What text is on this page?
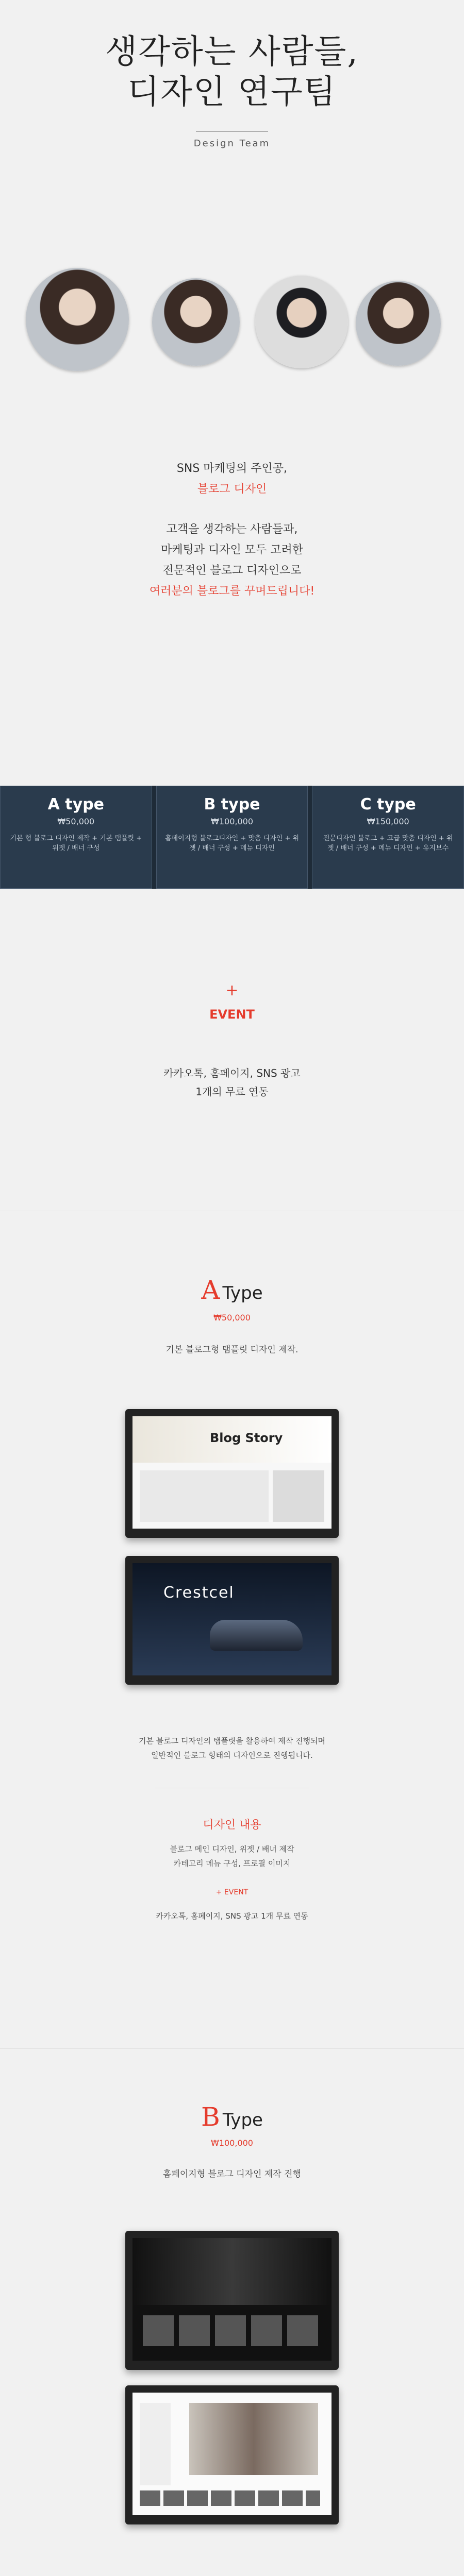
생각하는 사람들,
디자인 연구팀
Design Team
SNS 마케팅의 주인공,
블로그 디자인
고객을 생각하는 사람들과,
마케팅과 디자인 모두 고려한
전문적인 블로그 디자인으로
여러분의 블로그를 꾸며드립니다!
A type
₩50,000
기본 형 블로그 디자인 제작 + 기본 탬플릿 + 위젯 / 배너 구성
B type
₩100,000
홈페이지형 블로그디자인 + 맞춤 디자인 + 위젯 / 배너 구성 + 메뉴 디자인
C type
₩150,000
전문디자인 블로그 + 고급 맞춤 디자인 + 위젯 / 배너 구성 + 메뉴 디자인 + 유지보수
+
EVENT
카카오톡, 홈페이지, SNS 광고
1개의 무료 연동
A Type
₩50,000
기본 블로그형 탬플릿 디자인 제작.
Blog Story
Crestcel
기본 블로그 디자인의 탬플릿을 활용하여 제작 진행되며
일반적인 블로그 형태의 디자인으로 진행됩니다.
디자인 내용
블로그 메인 디자인, 위젯 / 배너 제작
카테고리 메뉴 구성, 프로필 이미지
+ EVENT
카카오톡, 홈페이지, SNS 광고 1개 무료 연동
B Type
₩100,000
홈페이지형 블로그 디자인 제작 진행
